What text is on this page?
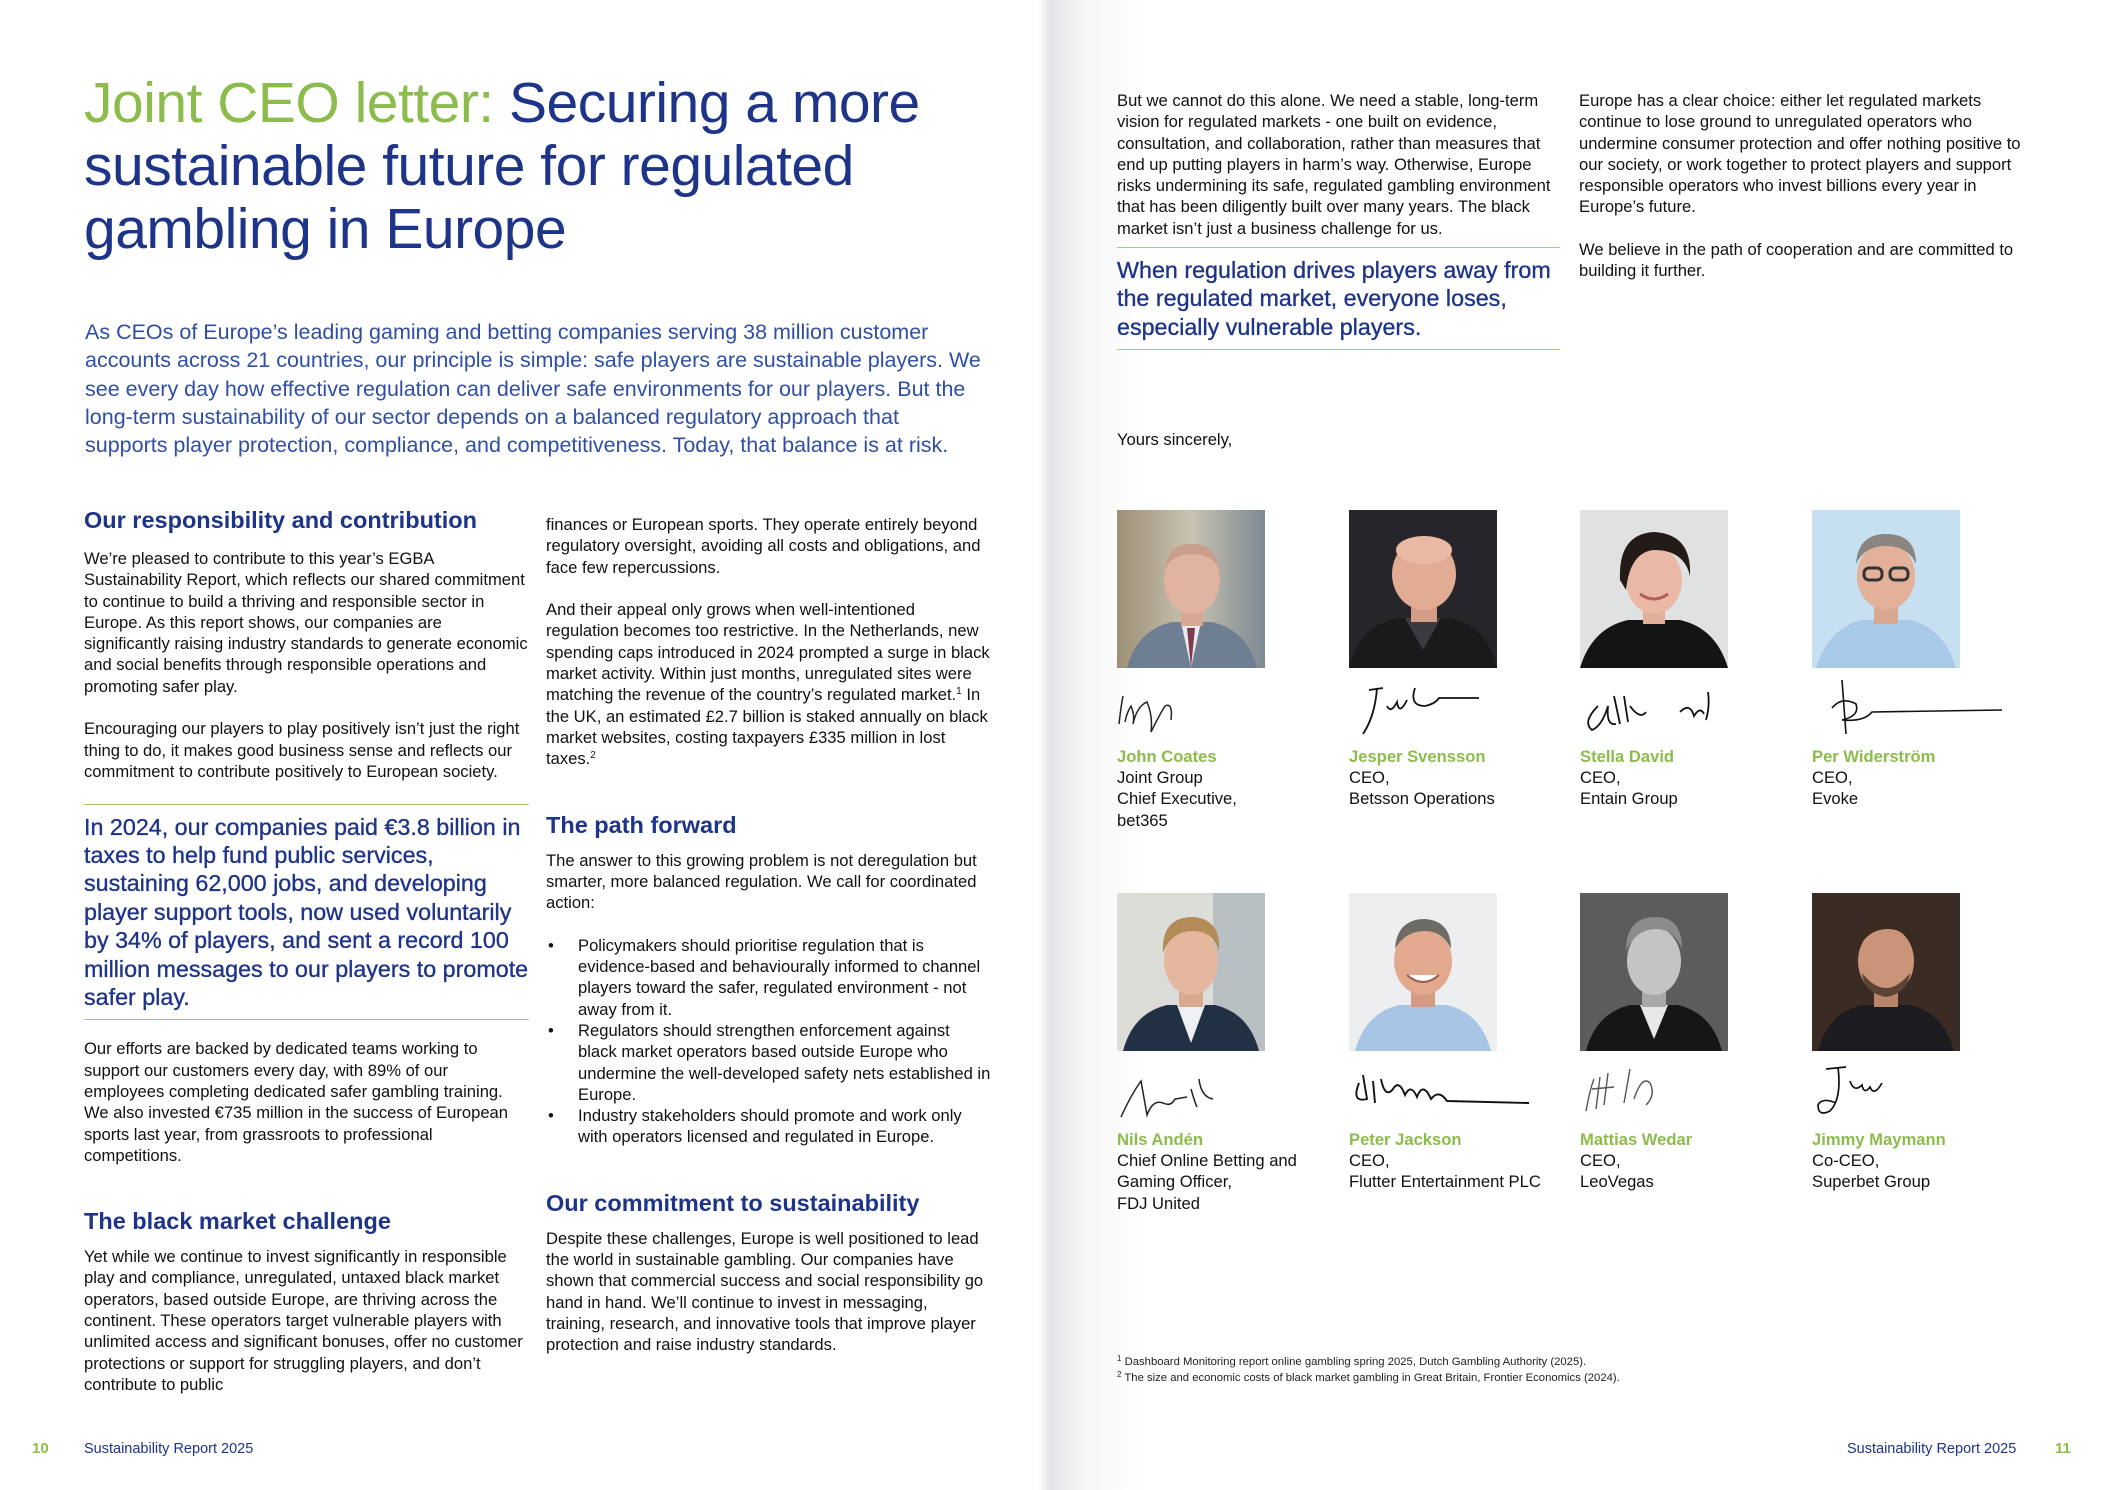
Joint CEO letter: Securing a more sustainable future for regulated gambling in Europe

As CEOs of Europe’s leading gaming and betting companies serving 38 million customer accounts across 21 countries, our principle is simple: safe players are sustainable players. We see every day how effective regulation can deliver safe environments for our players. But the long-term sustainability of our sector depends on a balanced regulatory approach that supports player protection, compliance, and competitiveness. Today, that balance is at risk.

Our responsibility and contribution

We’re pleased to contribute to this year’s EGBA Sustainability Report, which reflects our shared commitment to continue to build a thriving and responsible sector in Europe. As this report shows, our companies are significantly raising industry standards to generate economic and social benefits through responsible operations and promoting safer play.

Encouraging our players to play positively isn’t just the right thing to do, it makes good business sense and reflects our commitment to contribute positively to European society.

In 2024, our companies paid €3.8 billion in taxes to help fund public services, sustaining 62,000 jobs, and developing player support tools, now used voluntarily by 34% of players, and sent a record 100 million messages to our players to promote safer play.

Our efforts are backed by dedicated teams working to support our customers every day, with 89% of our employees completing dedicated safer gambling training. We also invested €735 million in the success of European sports last year, from grassroots to professional competitions.

The black market challenge

Yet while we continue to invest significantly in responsible play and compliance, unregulated, untaxed black market operators, based outside Europe, are thriving across the continent. These operators target vulnerable players with unlimited access and significant bonuses, offer no customer protections or support for struggling players, and don’t contribute to public

finances or European sports. They operate entirely beyond regulatory oversight, avoiding all costs and obligations, and face few repercussions.

And their appeal only grows when well-intentioned regulation becomes too restrictive. In the Netherlands, new spending caps introduced in 2024 prompted a surge in black market activity. Within just months, unregulated sites were matching the revenue of the country’s regulated market.$^1$ In the UK, an estimated £2.7 billion is staked annually on black market websites, costing taxpayers £335 million in lost taxes.$^2$

The path forward

The answer to this growing problem is not deregulation but smarter, more balanced regulation. We call for coordinated action:

• Policymakers should prioritise regulation that is evidence-based and behaviourally informed to channel players toward the safer, regulated environment - not away from it.
• Regulators should strengthen enforcement against black market operators based outside Europe who undermine the well-developed safety nets established in Europe.
• Industry stakeholders should promote and work only with operators licensed and regulated in Europe.
Our commitment to sustainability

Despite these challenges, Europe is well positioned to lead the world in sustainable gambling. Our companies have shown that commercial success and social responsibility go hand in hand. We’ll continue to invest in messaging, training, research, and innovative tools that improve player protection and raise industry standards.

10 Sustainability Report 2025

But we cannot do this alone. We need a stable, long-term vision for regulated markets - one built on evidence, consultation, and collaboration, rather than measures that end up putting players in harm’s way. Otherwise, Europe risks undermining its safe, regulated gambling environment that has been diligently built over many years. The black market isn’t just a business challenge for us.

When regulation drives players away from the regulated market, everyone loses, especially vulnerable players.

Europe has a clear choice: either let regulated markets continue to lose ground to unregulated operators who undermine consumer protection and offer nothing positive to our society, or work together to protect players and support responsible operators who invest billions every year in Europe’s future.

We believe in the path of cooperation and are committed to building it further.

Yours sincerely,
John Coates
Joint Group
Chief Executive,
bet365
Jesper Svensson
CEO,
Betsson Operations
Stella David
CEO,
Entain Group
Per Widerström
CEO,
Evoke
Nils Andén
Chief Online Betting and
Gaming Officer,
FDJ United
Peter Jackson
CEO,
Flutter Entertainment PLC
Mattias Wedar
CEO,
LeoVegas
Jimmy Maymann
Co-CEO,
Superbet Group

$^1$ Dashboard Monitoring report online gambling spring 2025, Dutch Gambling Authority (2025).

$^2$ The size and economic costs of black market gambling in Great Britain, Frontier Economics (2024).

Sustainability Report 2025	11
